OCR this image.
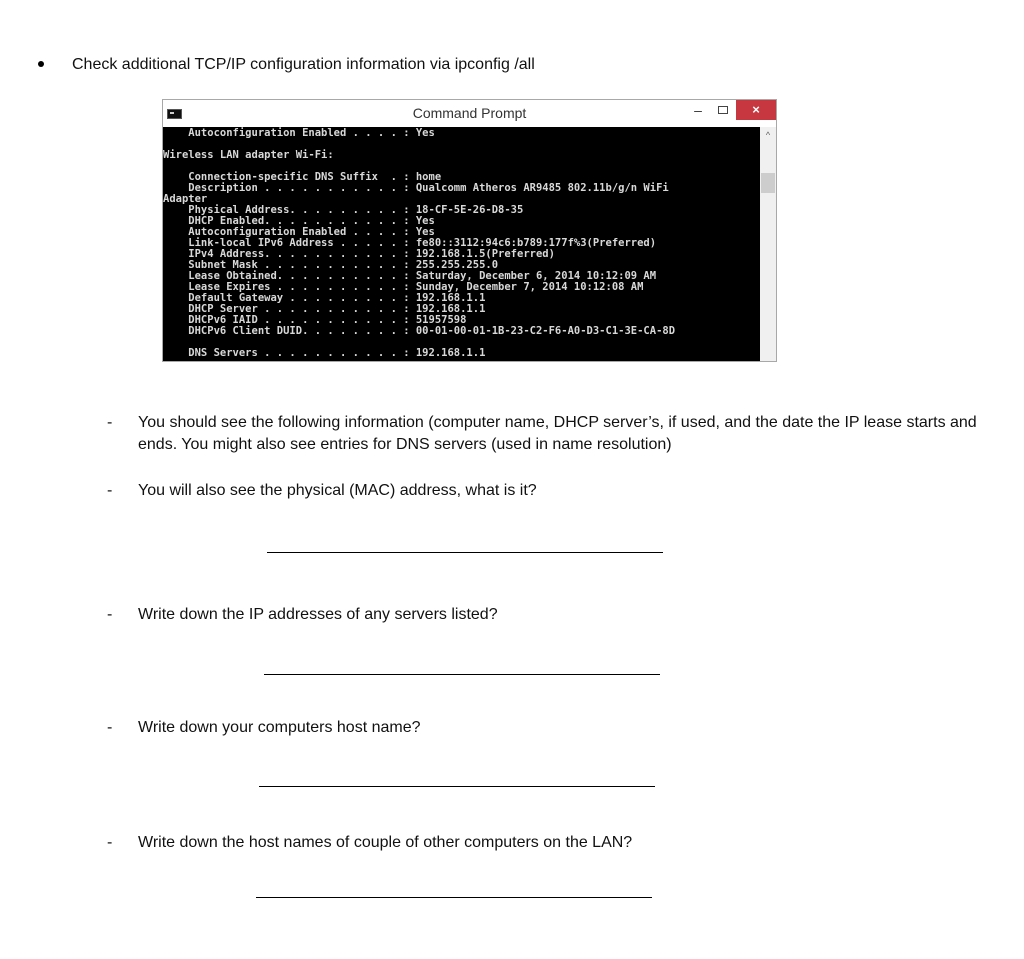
Check additional TCP/IP configuration information via ipconfig /all
Command Prompt	–	×
Autoconfiguration Enabled . . . . : Yes
Wireless LAN adapter Wi-Fi:
Connection-specific DNS Suffix  . : home
Description . . . . . . . . . . . : Qualcomm Atheros AR9485 802.11b/g/n WiFi
Adapter
Physical Address. . . . . . . . . : 18-CF-5E-26-D8-35
DHCP Enabled. . . . . . . . . . . : Yes
Autoconfiguration Enabled . . . . : Yes
Link-local IPv6 Address . . . . . : fe80::3112:94c6:b789:177f%3(Preferred)
IPv4 Address. . . . . . . . . . . : 192.168.1.5(Preferred)
Subnet Mask . . . . . . . . . . . : 255.255.255.0
Lease Obtained. . . . . . . . . . : Saturday, December 6, 2014 10:12:09 AM
Lease Expires . . . . . . . . . . : Sunday, December 7, 2014 10:12:08 AM
Default Gateway . . . . . . . . . : 192.168.1.1
DHCP Server . . . . . . . . . . . : 192.168.1.1
DHCPv6 IAID . . . . . . . . . . . : 51957598
DHCPv6 Client DUID. . . . . . . . : 00-01-00-01-1B-23-C2-F6-A0-D3-C1-3E-CA-8D
DNS Servers . . . . . . . . . . . : 192.168.1.1
^
- You should see the following information (computer name, DHCP server’s, if used, and the date the IP lease starts and ends. You might also see entries for DNS servers (used in name resolution)
- You will also see the physical (MAC) address, what is it?
- Write down the IP addresses of any servers listed?
- Write down your computers host name?
- Write down the host names of couple of other computers on the LAN?
